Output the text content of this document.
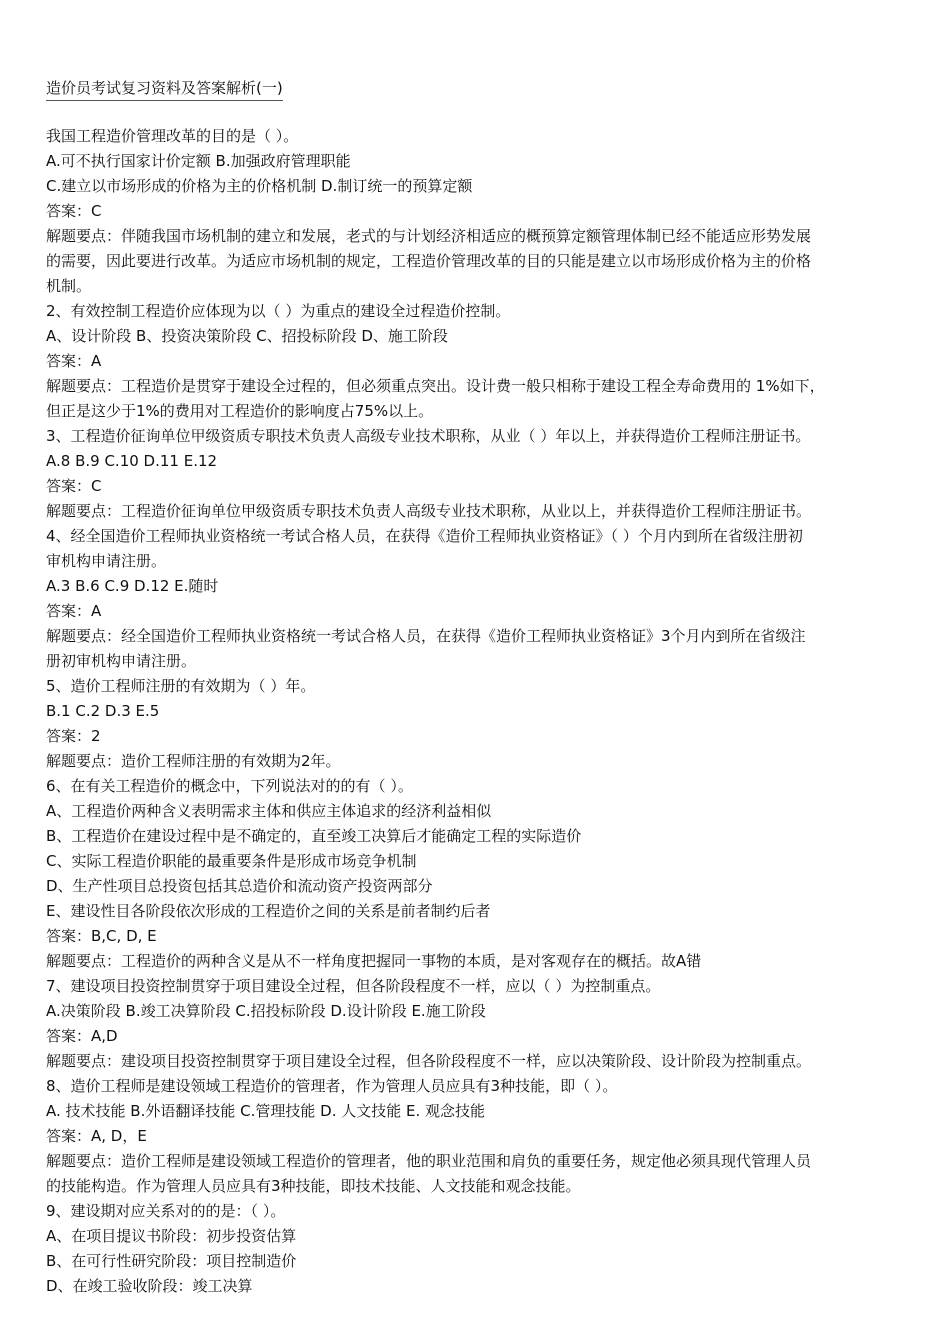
造价员考试复习资料及答案解析(一)
我国工程造价管理改革的目的是（ ）。
A.可不执行国家计价定额 B.加强政府管理职能
C.建立以市场形成的价格为主的价格机制 D.制订统一的预算定额
答案：C
解题要点：伴随我国市场机制的建立和发展，老式的与计划经济相适应的概预算定额管理体制已经不能适应形势发展
的需要，因此要进行改革。为适应市场机制的规定，工程造价管理改革的目的只能是建立以市场形成价格为主的价格
机制。
2、有效控制工程造价应体现为以（ ）为重点的建设全过程造价控制。
A、设计阶段 B、投资决策阶段 C、招投标阶段 D、施工阶段
答案：A
解题要点：工程造价是贯穿于建设全过程的，但必须重点突出。设计费一般只相称于建设工程全寿命费用的 1%如下，
但正是这少于1%的费用对工程造价的影响度占75%以上。
3、工程造价征询单位甲级资质专职技术负责人高级专业技术职称，从业（ ）年以上，并获得造价工程师注册证书。
A.8 B.9 C.10 D.11 E.12
答案：C
解题要点：工程造价征询单位甲级资质专职技术负责人高级专业技术职称，从业以上，并获得造价工程师注册证书。
4、经全国造价工程师执业资格统一考试合格人员，在获得《造价工程师执业资格证》（ ）个月内到所在省级注册初
审机构申请注册。
A.3 B.6 C.9 D.12 E.随时
答案：A
解题要点：经全国造价工程师执业资格统一考试合格人员，在获得《造价工程师执业资格证》3个月内到所在省级注
册初审机构申请注册。
5、造价工程师注册的有效期为（ ）年。
B.1 C.2 D.3 E.5
答案：2
解题要点：造价工程师注册的有效期为2年。
6、在有关工程造价的概念中，下列说法对的的有（ ）。
A、工程造价两种含义表明需求主体和供应主体追求的经济利益相似
B、工程造价在建设过程中是不确定的，直至竣工决算后才能确定工程的实际造价
C、实际工程造价职能的最重要条件是形成市场竞争机制
D、生产性项目总投资包括其总造价和流动资产投资两部分
E、建设性目各阶段依次形成的工程造价之间的关系是前者制约后者
答案：B,C, D, E
解题要点：工程造价的两种含义是从不一样角度把握同一事物的本质，是对客观存在的概括。故A错
7、建设项目投资控制贯穿于项目建设全过程，但各阶段程度不一样，应以（ ）为控制重点。
A.决策阶段 B.竣工决算阶段 C.招投标阶段 D.设计阶段 E.施工阶段
答案：A,D
解题要点：建设项目投资控制贯穿于项目建设全过程，但各阶段程度不一样，应以决策阶段、设计阶段为控制重点。
8、造价工程师是建设领域工程造价的管理者，作为管理人员应具有3种技能，即（ ）。
A. 技术技能 B.外语翻译技能 C.管理技能 D. 人文技能 E. 观念技能
答案：A, D，E
解题要点：造价工程师是建设领域工程造价的管理者，他的职业范围和肩负的重要任务，规定他必须具现代管理人员
的技能构造。作为管理人员应具有3种技能，即技术技能、人文技能和观念技能。
9、建设期对应关系对的的是：（ ）。
A、在项目提议书阶段：初步投资估算
B、在可行性研究阶段：项目控制造价
D、在竣工验收阶段：竣工决算
